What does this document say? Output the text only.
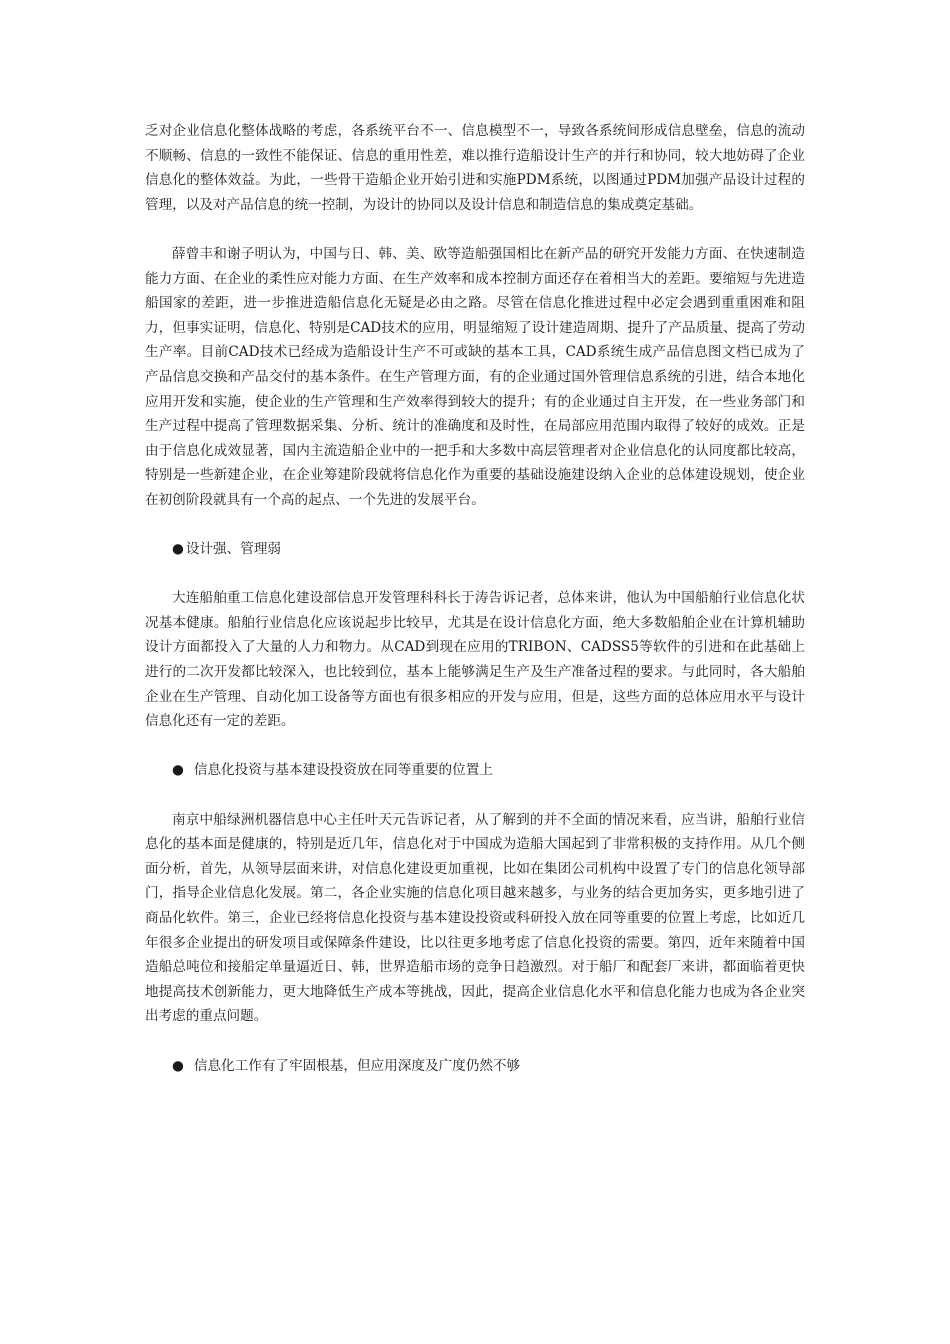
乏对企业信息化整体战略的考虑，各系统平台不一、信息模型不一，导致各系统间形成信息壁垒，信息的流动不顺畅、信息的一致性不能保证、信息的重用性差，难以推行造船设计生产的并行和协同，较大地妨碍了企业信息化的整体效益。为此，一些骨干造船企业开始引进和实施PDM系统，以图通过PDM加强产品设计过程的管理，以及对产品信息的统一控制，为设计的协同以及设计信息和制造信息的集成奠定基础。

薛曾丰和谢子明认为，中国与日、韩、美、欧等造船强国相比在新产品的研究开发能力方面、在快速制造能力方面、在企业的柔性应对能力方面、在生产效率和成本控制方面还存在着相当大的差距。要缩短与先进造船国家的差距，进一步推进造船信息化无疑是必由之路。尽管在信息化推进过程中必定会遇到重重困难和阻力，但事实证明，信息化、特别是CAD技术的应用，明显缩短了设计建造周期、提升了产品质量、提高了劳动生产率。目前CAD技术已经成为造船设计生产不可或缺的基本工具，CAD系统生成产品信息图文档已成为了产品信息交换和产品交付的基本条件。在生产管理方面，有的企业通过国外管理信息系统的引进，结合本地化应用开发和实施，使企业的生产管理和生产效率得到较大的提升；有的企业通过自主开发，在一些业务部门和生产过程中提高了管理数据采集、分析、统计的准确度和及时性，在局部应用范围内取得了较好的成效。正是由于信息化成效显著，国内主流造船企业中的一把手和大多数中高层管理者对企业信息化的认同度都比较高，特别是一些新建企业，在企业筹建阶段就将信息化作为重要的基础设施建设纳入企业的总体建设规划，使企业在初创阶段就具有一个高的起点、一个先进的发展平台。

● 设计强、管理弱

大连船舶重工信息化建设部信息开发管理科科长于涛告诉记者，总体来讲，他认为中国船舶行业信息化状况基本健康。船舶行业信息化应该说起步比较早，尤其是在设计信息化方面，绝大多数船舶企业在计算机辅助设计方面都投入了大量的人力和物力。从CAD到现在应用的TRIBON、CADSS5等软件的引进和在此基础上进行的二次开发都比较深入，也比较到位，基本上能够满足生产及生产准备过程的要求。与此同时，各大船舶企业在生产管理、自动化加工设备等方面也有很多相应的开发与应用，但是，这些方面的总体应用水平与设计信息化还有一定的差距。

● 信息化投资与基本建设投资放在同等重要的位置上

南京中船绿洲机器信息中心主任叶天元告诉记者，从了解到的并不全面的情况来看，应当讲，船舶行业信息化的基本面是健康的，特别是近几年，信息化对于中国成为造船大国起到了非常积极的支持作用。从几个侧面分析，首先，从领导层面来讲，对信息化建设更加重视，比如在集团公司机构中设置了专门的信息化领导部门，指导企业信息化发展。第二，各企业实施的信息化项目越来越多，与业务的结合更加务实，更多地引进了商品化软件。第三，企业已经将信息化投资与基本建设投资或科研投入放在同等重要的位置上考虑，比如近几年很多企业提出的研发项目或保障条件建设，比以往更多地考虑了信息化投资的需要。第四，近年来随着中国造船总吨位和接船定单量逼近日、韩，世界造船市场的竞争日趋激烈。对于船厂和配套厂来讲，都面临着更快地提高技术创新能力，更大地降低生产成本等挑战，因此，提高企业信息化水平和信息化能力也成为各企业突出考虑的重点问题。

● 信息化工作有了牢固根基，但应用深度及广度仍然不够
